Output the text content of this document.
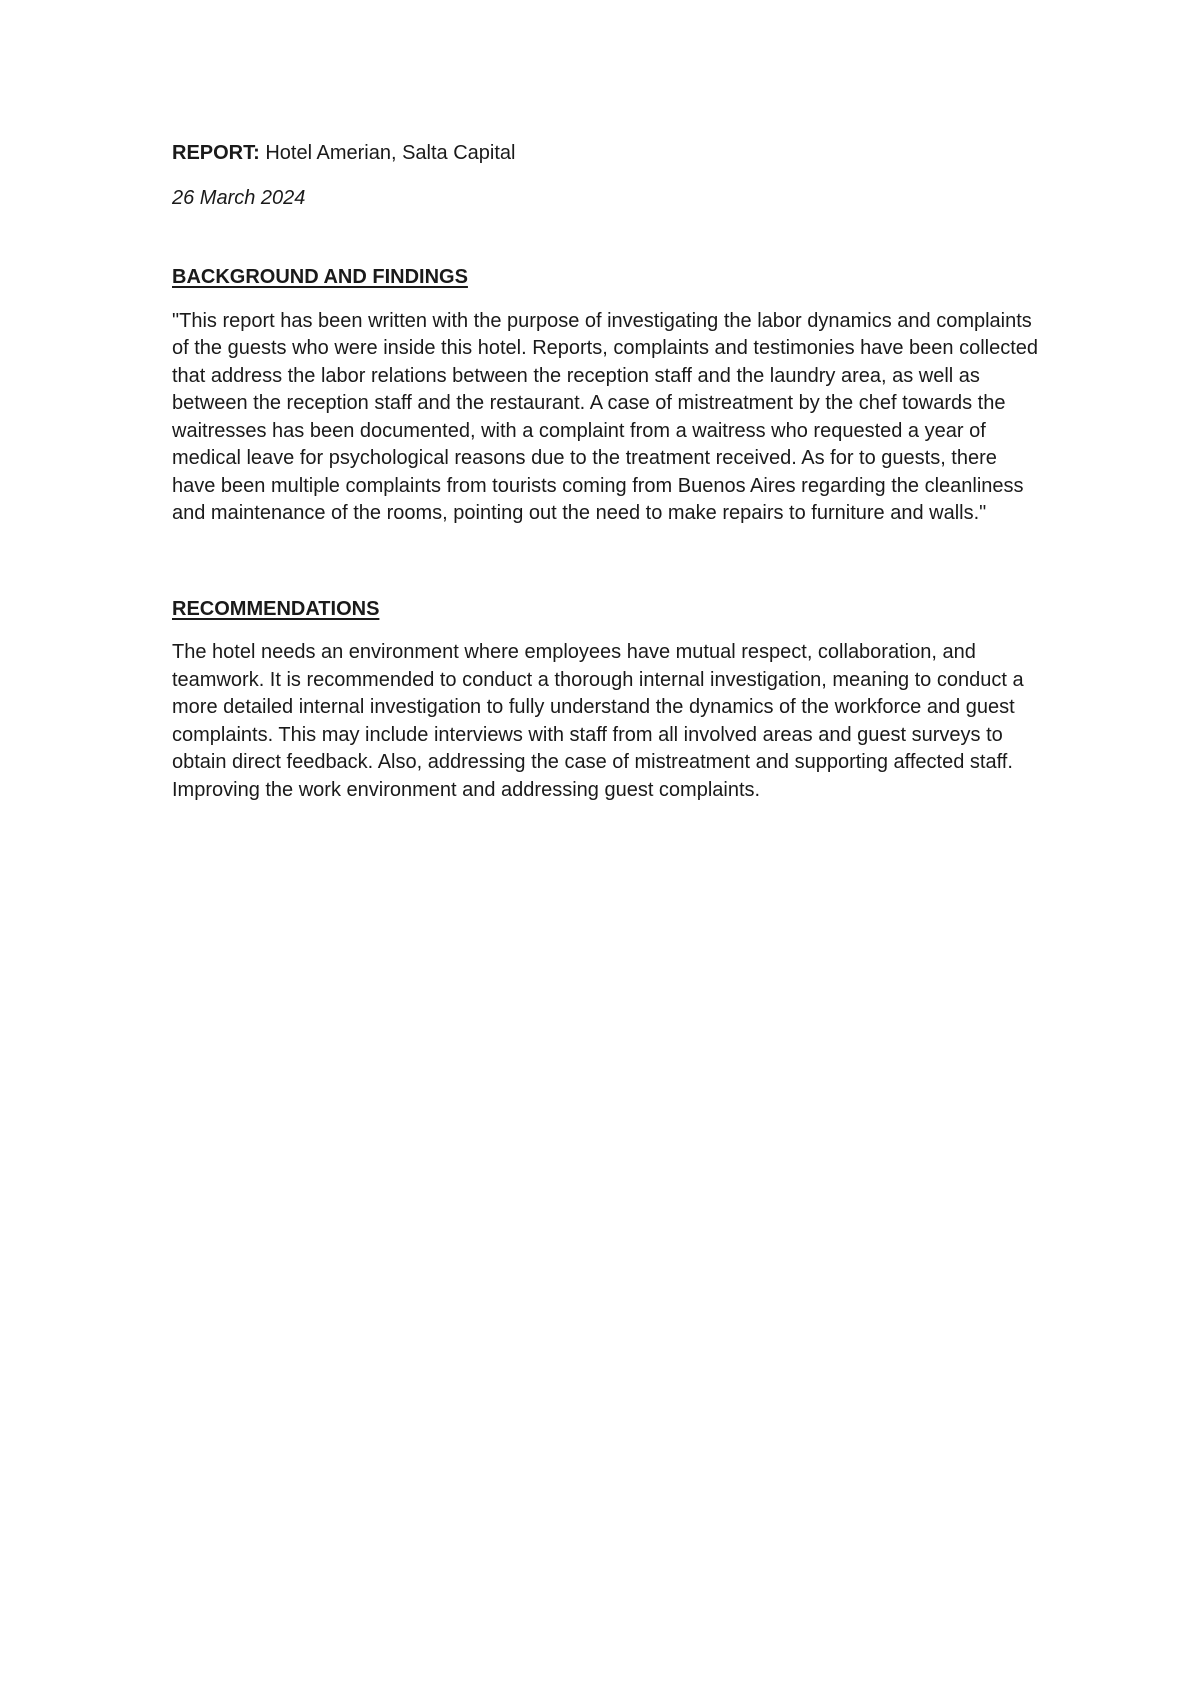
REPORT: Hotel Amerian, Salta Capital

26 March 2024

BACKGROUND AND FINDINGS

"This report has been written with the purpose of investigating the labor dynamics and complaints of the guests who were inside this hotel. Reports, complaints and testimonies have been collected that address the labor relations between the reception staff and the laundry area, as well as between the reception staff and the restaurant. A case of mistreatment by the chef towards the waitresses has been documented, with a complaint from a waitress who requested a year of medical leave for psychological reasons due to the treatment received. As for to guests, there have been multiple complaints from tourists coming from Buenos Aires regarding the cleanliness and maintenance of the rooms, pointing out the need to make repairs to furniture and walls."

RECOMMENDATIONS

The hotel needs an environment where employees have mutual respect, collaboration, and teamwork. It is recommended to conduct a thorough internal investigation, meaning to conduct a more detailed internal investigation to fully understand the dynamics of the workforce and guest complaints. This may include interviews with staff from all involved areas and guest surveys to obtain direct feedback. Also, addressing the case of mistreatment and supporting affected staff. Improving the work environment and addressing guest complaints.
